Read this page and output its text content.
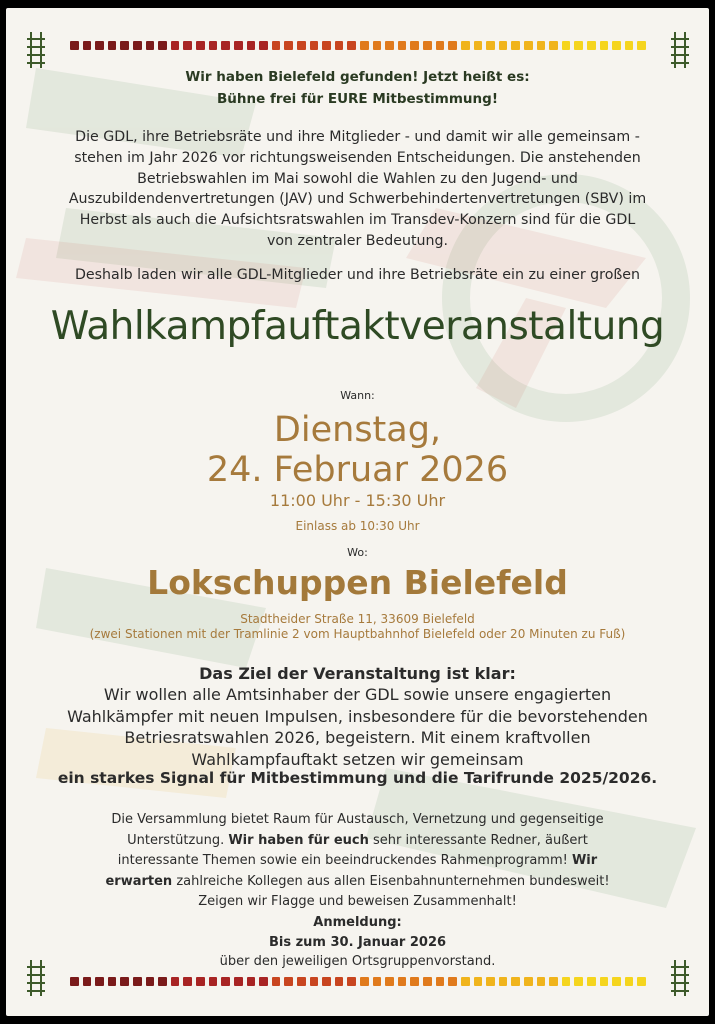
Wir haben Bielefeld gefunden! Jetzt heißt es:
Bühne frei für EURE Mitbestimmung!
Die GDL, ihre Betriebsräte und ihre Mitglieder - und damit wir alle gemeinsam -
stehen im Jahr 2026 vor richtungsweisenden Entscheidungen. Die anstehenden
Betriebswahlen im Mai sowohl die Wahlen zu den Jugend- und
Auszubildendenvertretungen (JAV) und Schwerbehindertenvertretungen (SBV) im
Herbst als auch die Aufsichtsratswahlen im Transdev-Konzern sind für die GDL
von zentraler Bedeutung.
Deshalb laden wir alle GDL-Mitglieder und ihre Betriebsräte ein zu einer großen
Wahlkampfauftaktveranstaltung
Wann:
Dienstag,
24. Februar 2026
11:00 Uhr - 15:30 Uhr
Einlass ab 10:30 Uhr
Wo:
Lokschuppen Bielefeld
Stadtheider Straße 11, 33609 Bielefeld
(zwei Stationen mit der Tramlinie 2 vom Hauptbahnhof Bielefeld oder 20 Minuten zu Fuß)
Das Ziel der Veranstaltung ist klar:
Wir wollen alle Amtsinhaber der GDL sowie unsere engagierten
Wahlkämpfer mit neuen Impulsen, insbesondere für die bevorstehenden
Betriesratswahlen 2026, begeistern. Mit einem kraftvollen
Wahlkampfauftakt setzen wir gemeinsam
ein starkes Signal für Mitbestimmung und die Tarifrunde 2025/2026.
Die Versammlung bietet Raum für Austausch, Vernetzung und gegenseitige
Unterstützung. Wir haben für euch sehr interessante Redner, äußert
interessante Themen sowie ein beeindruckendes Rahmenprogramm! Wir
erwarten zahlreiche Kollegen aus allen Eisenbahnunternehmen bundesweit!
Zeigen wir Flagge und beweisen Zusammenhalt!
Anmeldung:
Bis zum 30. Januar 2026
über den jeweiligen Ortsgruppenvorstand.
